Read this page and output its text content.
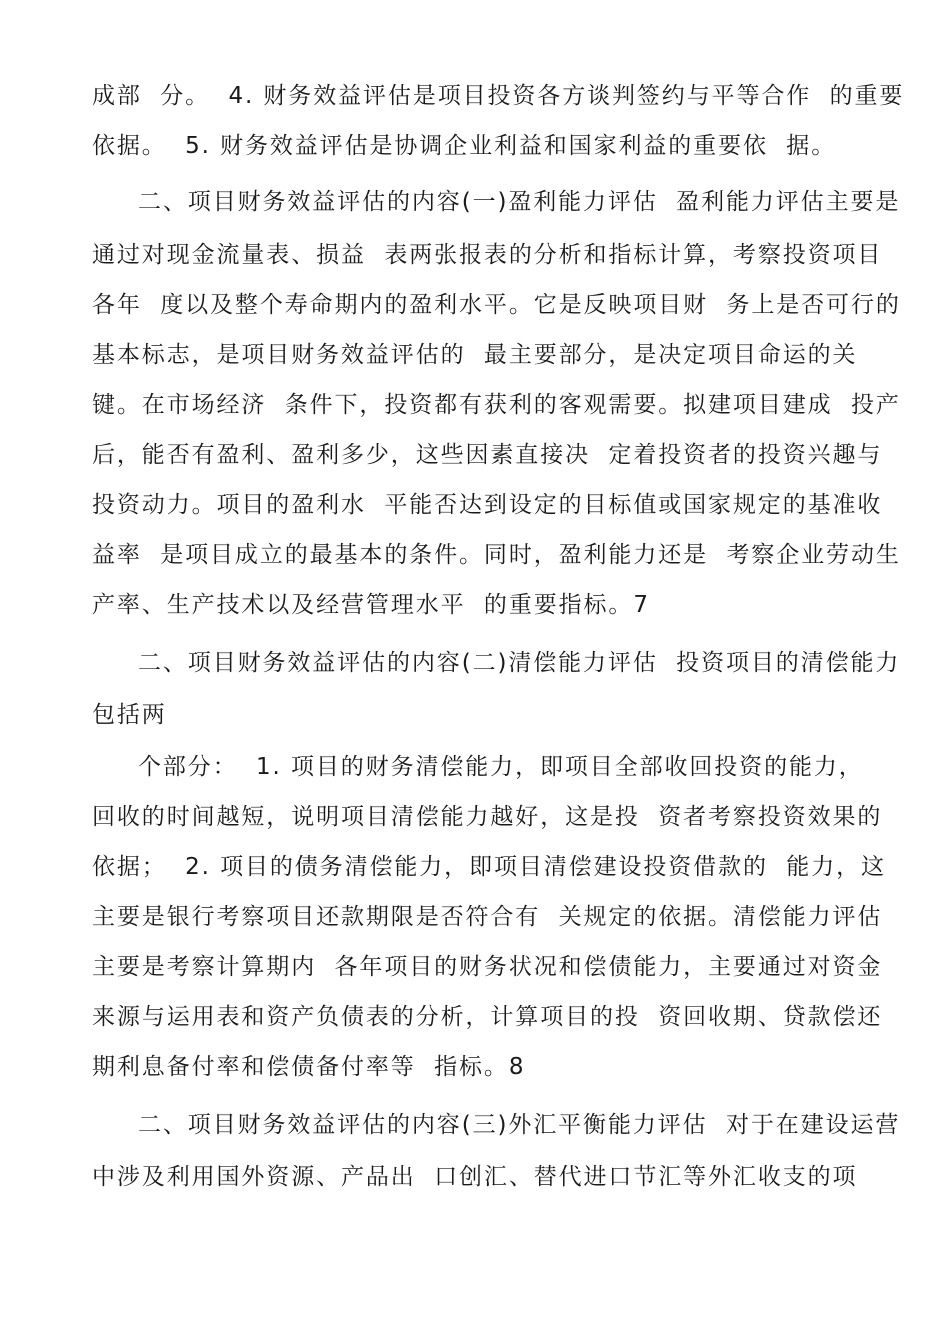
成部  分。  4. 财务效益评估是项目投资各方谈判签约与平等合作  的重要

依据。  5. 财务效益评估是协调企业利益和国家利益的重要依  据。

二、项目财务效益评估的内容(一)盈利能力评估  盈利能力评估主要是

通过对现金流量表、损益  表两张报表的分析和指标计算，考察投资项目

各年  度以及整个寿命期内的盈利水平。它是反映项目财  务上是否可行的

基本标志，是项目财务效益评估的  最主要部分，是决定项目命运的关

键。在市场经济  条件下，投资都有获利的客观需要。拟建项目建成  投产

后，能否有盈利、盈利多少，这些因素直接决  定着投资者的投资兴趣与

投资动力。项目的盈利水  平能否达到设定的目标值或国家规定的基准收

益率  是项目成立的最基本的条件。同时，盈利能力还是  考察企业劳动生

产率、生产技术以及经营管理水平  的重要指标。7

二、项目财务效益评估的内容(二)清偿能力评估  投资项目的清偿能力

包括两

个部分：  1. 项目的财务清偿能力，即项目全部收回投资的能力，

回收的时间越短，说明项目清偿能力越好，这是投  资者考察投资效果的

依据；  2. 项目的债务清偿能力，即项目清偿建设投资借款的  能力，这

主要是银行考察项目还款期限是否符合有  关规定的依据。清偿能力评估

主要是考察计算期内  各年项目的财务状况和偿债能力，主要通过对资金

来源与运用表和资产负债表的分析，计算项目的投  资回收期、贷款偿还

期利息备付率和偿债备付率等  指标。8

二、项目财务效益评估的内容(三)外汇平衡能力评估  对于在建设运营

中涉及利用国外资源、产品出  口创汇、替代进口节汇等外汇收支的项
